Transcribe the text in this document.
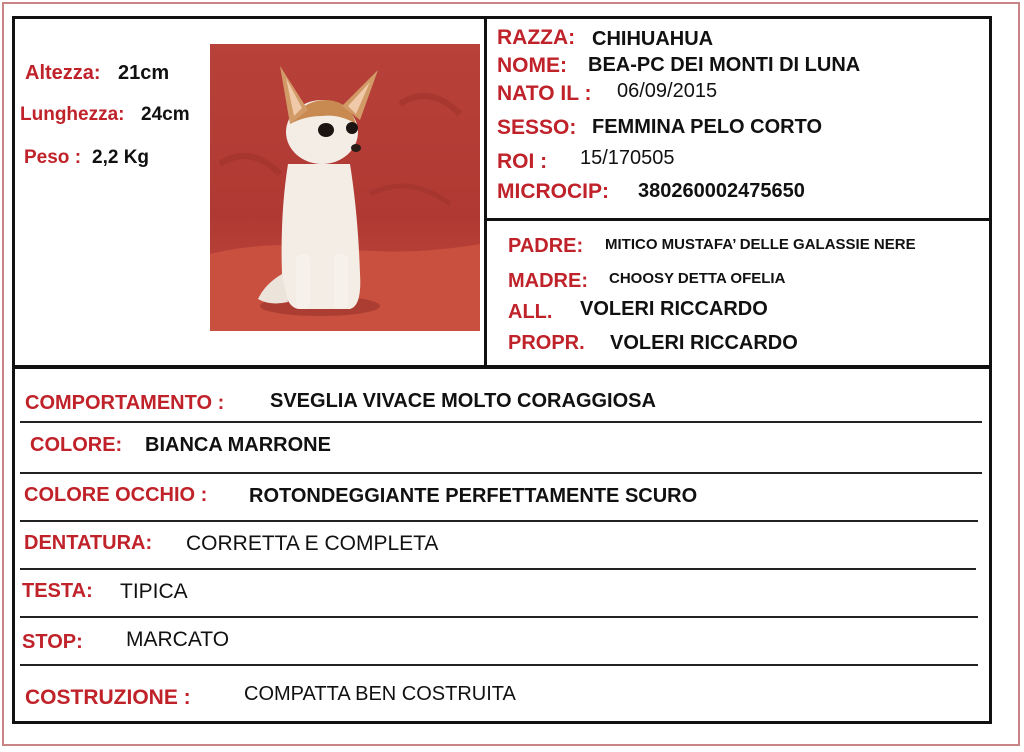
Altezza: 21cm
Lunghezza: 24cm
Peso : 2,2 Kg
RAZZA: CHIHUAHUA
NOME: BEA-PC DEI MONTI DI LUNA
NATO IL : 06/09/2015
SESSO: FEMMINA PELO CORTO
ROI : 15/170505
MICROCIP: 380260002475650
PADRE: MITICO MUSTAFA’ DELLE GALASSIE NERE
MADRE: CHOOSY DETTA OFELIA
ALL. VOLERI RICCARDO
PROPR. VOLERI RICCARDO
COMPORTAMENTO : SVEGLIA VIVACE MOLTO CORAGGIOSA
COLORE: BIANCA MARRONE
COLORE OCCHIO : ROTONDEGGIANTE PERFETTAMENTE SCURO
DENTATURA: CORRETTA E COMPLETA
TESTA: TIPICA
STOP: MARCATO
COSTRUZIONE :	COMPATTA BEN COSTRUITA
